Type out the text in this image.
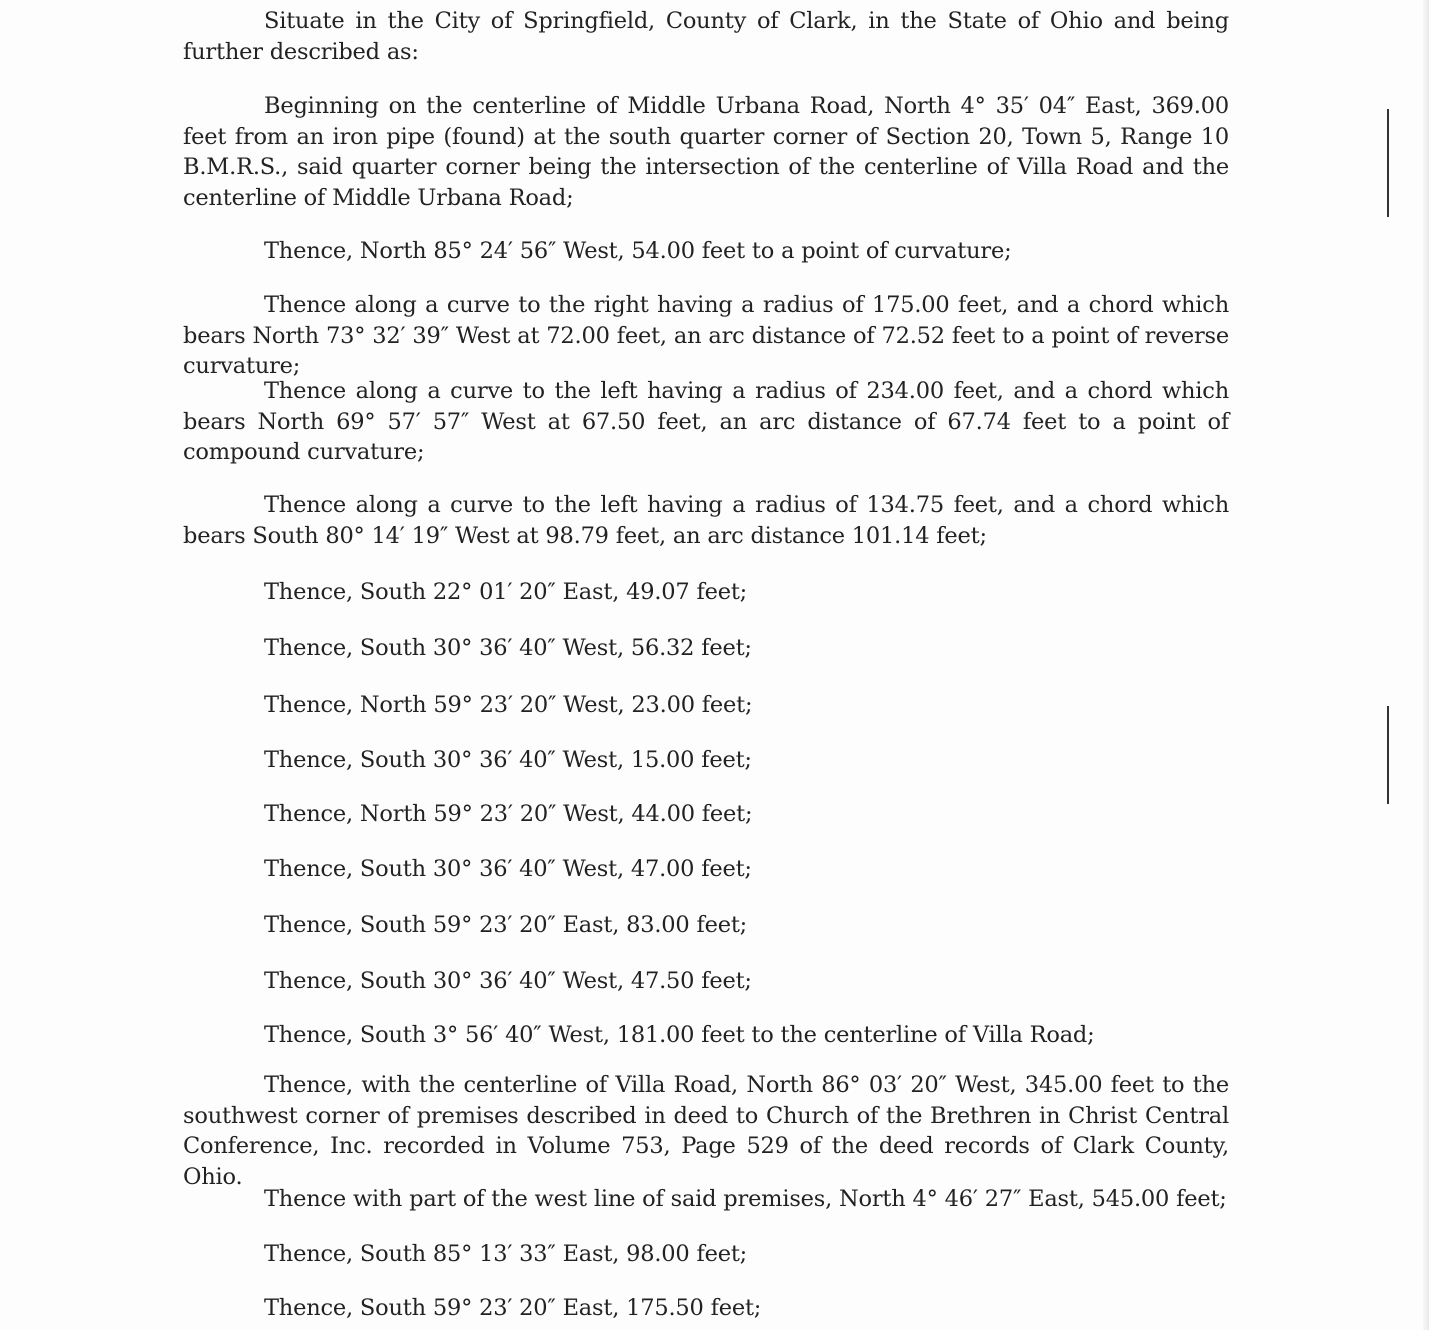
Situate in the City of Springfield, County of Clark, in the State of Ohio and being further described as:

Beginning on the centerline of Middle Urbana Road, North 4° 35′ 04″ East, 369.00 feet from an iron pipe (found) at the south quarter corner of Section 20, Town 5, Range 10 B.M.R.S., said quarter corner being the intersection of the centerline of Villa Road and the centerline of Middle Urbana Road;

Thence, North 85° 24′ 56″ West, 54.00 feet to a point of curvature;

Thence along a curve to the right having a radius of 175.00 feet, and a chord which bears North 73° 32′ 39″ West at 72.00 feet, an arc distance of 72.52 feet to a point of reverse curvature;

Thence along a curve to the left having a radius of 234.00 feet, and a chord which bears North 69° 57′ 57″ West at 67.50 feet, an arc distance of 67.74 feet to a point of compound curvature;

Thence along a curve to the left having a radius of 134.75 feet, and a chord which bears South 80° 14′ 19″ West at 98.79 feet, an arc distance 101.14 feet;

Thence, South 22° 01′ 20″ East, 49.07 feet;

Thence, South 30° 36′ 40″ West, 56.32 feet;

Thence, North 59° 23′ 20″ West, 23.00 feet;

Thence, South 30° 36′ 40″ West, 15.00 feet;

Thence, North 59° 23′ 20″ West, 44.00 feet;

Thence, South 30° 36′ 40″ West, 47.00 feet;

Thence, South 59° 23′ 20″ East, 83.00 feet;

Thence, South 30° 36′ 40″ West, 47.50 feet;

Thence, South 3° 56′ 40″ West, 181.00 feet to the centerline of Villa Road;

Thence, with the centerline of Villa Road, North 86° 03′ 20″ West, 345.00 feet to the southwest corner of premises described in deed to Church of the Brethren in Christ Central Conference, Inc. recorded in Volume 753, Page 529 of the deed records of Clark County, Ohio.

Thence with part of the west line of said premises, North 4° 46′ 27″ East, 545.00 feet;

Thence, South 85° 13′ 33″ East, 98.00 feet;

Thence, South 59° 23′ 20″ East, 175.50 feet;
